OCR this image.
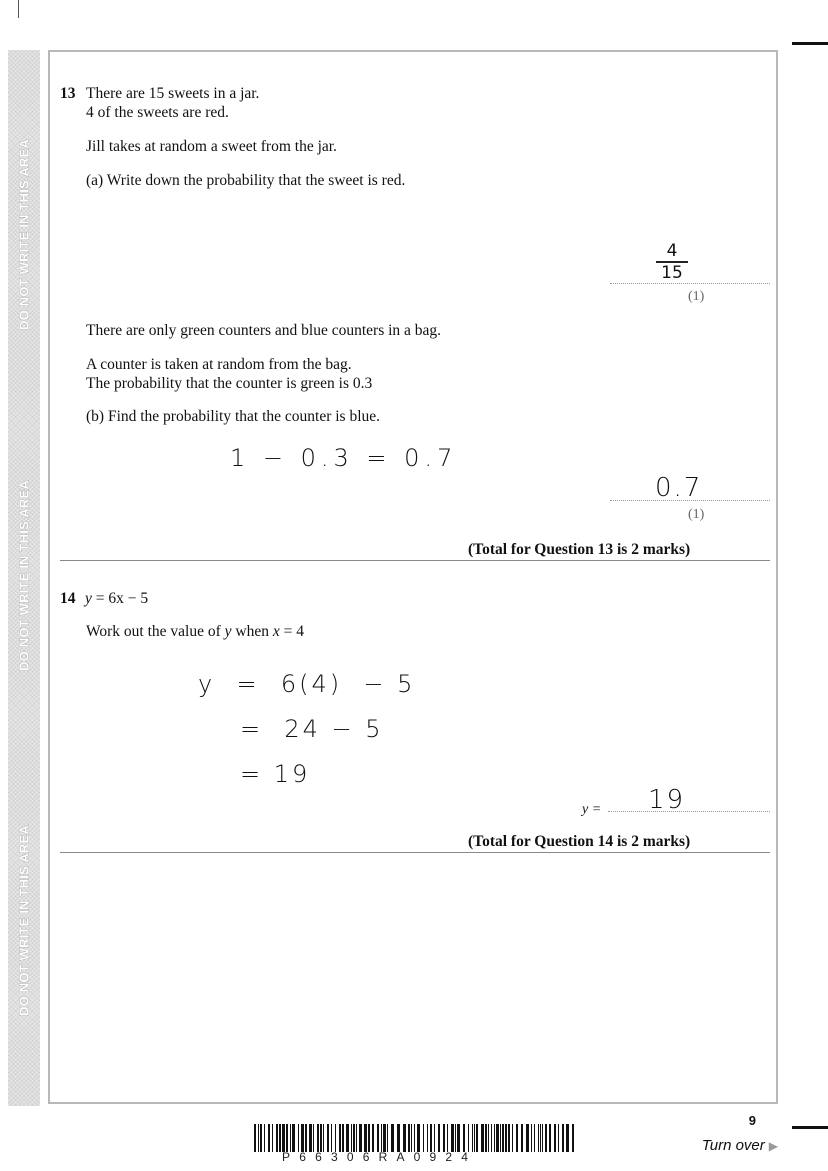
DO NOT WRITE IN THIS AREA
DO NOT WRITE IN THIS AREA
DO NOT WRITE IN THIS AREA
13 There are 15 sweets in a jar.
4 of the sweets are red.
Jill takes at random a sweet from the jar.
(a) Write down the probability that the sweet is red.
4
15
(1)
There are only green counters and blue counters in a bag.
A counter is taken at random from the bag.
The probability that the counter is green is 0.3
(b) Find the probability that the counter is blue.
1 − 0.3 = 0.7
0.7
(1)
(Total for Question 13 is 2 marks)
14 y = 6x − 5
Work out the value of y when x = 4
y  =  6(4)  − 5
=  24 − 5
= 19
y = 19
(Total for Question 14 is 2 marks)
9
P66306RA0924
Turn over ▶
